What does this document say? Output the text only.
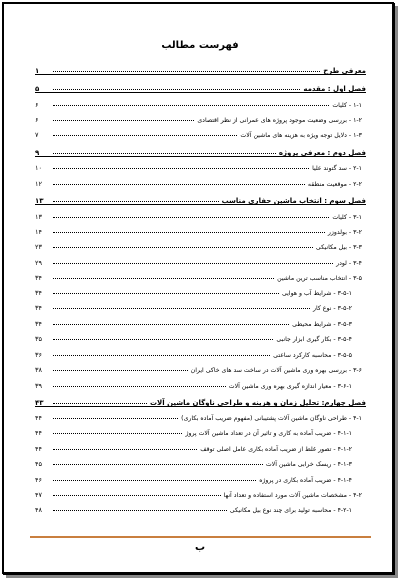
فهرست مطالب
معرفی طرح
۱
فصل اول : مقدمه
۵
۱-۱ - کلیات
۶
۱-۲ - بررسی وضعیت موجود پروژه های عمرانی از نظر اقتصادی
۶
۱-۳ - دلایل توجه ویژه به هزینه های ماشین آلات
۷
فصل دوم : معرفی پروژه
۹
۲-۱ - سد گتوند علیا
۱۰
۲-۲ - موقعیت منطقه
۱۲
فصل سوم : انتخاب ماشین حفاری مناسب
۱۳
۳-۱ - کلیات
۱۳
۳-۲ - بولدوزر
۱۴
۳-۳ - بیل مکانیکی
۲۳
۳-۴ - لودر
۲۹
۳-۵ - انتخاب مناسب ترین ماشین
۳۴
۳-۵-۱ - شرایط آب و هوایی
۳۴
۳-۵-۲ - نوع کار
۳۴
۳-۵-۳ - شرایط محیطی
۳۴
۳-۵-۴ - بکار گیری ابزار جانبی
۳۵
۳-۵-۵ - محاسبه کارکرد ساعتی
۳۶
۳-۶ - بررسی بهره وری ماشین آلات در ساخت سد های خاکی ایران
۳۸
۳-۶-۱ - معیار اندازه گیری بهره وری ماشین آلات
۳۹
فصل چهارم: تحلیل زمان و هزینه و طراحی ناوگان ماشین آلات
۴۳
۴-۱ - طراحی ناوگان ماشین آلات پشتیبانی (مفهوم ضریب آماده بکاری)
۴۴
۴-۱-۱ - ضریب آماده به کاری و تاثیر آن در تعداد ماشین آلات پروژ
۴۴
۴-۱-۲ - تصور غلط از ضریب آماده بکاری عامل اصلی توقف
۴۴
۴-۱-۳ - ریسک خرابی ماشین آلات
۴۵
۴-۱-۴ - ضریب آماده بکاری در پروژه
۴۶
۴-۲ - مشخصات ماشین آلات مورد استفاده و تعداد آنها
۴۷
۴-۲-۱ - محاسبه تولید برای چند نوع بیل مکانیکی
۴۸
ب
